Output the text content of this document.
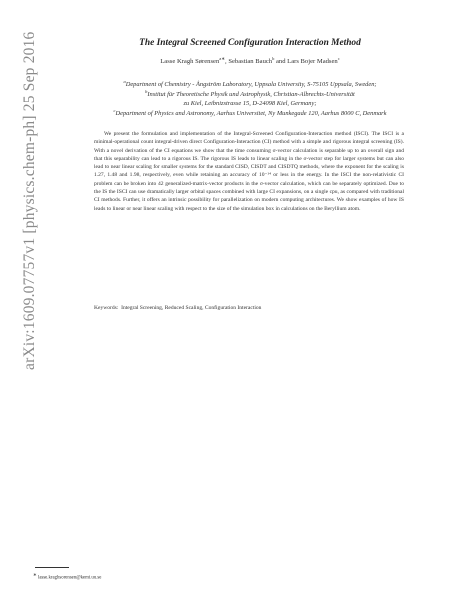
arXiv:1609.07757v1 [physics.chem-ph] 25 Sep 2016	The Integral Screened Configuration Interaction Method
Lasse Kragh Sørensen$^{a∗}$, Sebastian Bauch$^b$ and Lars Bojer Madsen$^c$
$^a$Department of Chemistry - Ångström Laboratory, Uppsala University, S-75105 Uppsala, Sweden;
$^b$Institut für Theoretische Physik und Astrophysik, Christian-Albrechts-Universität
zu Kiel, Leibnizstrasse 15, D-24098 Kiel, Germany;
$^c$Department of Physics and Astronomy, Aarhus Universitet, Ny Munkegade 120, Aarhus 8000 C, Denmark

We present the formulation and implementation of the Integral-Screened Configuration-Interaction method (ISCI). The ISCI is a minimal-operational count integral-driven direct Configuration-Interaction (CI) method with a simple and rigorous integral screening (IS). With a novel derivation of the CI equations we show that the time consuming σ-vector calculation is separable up to an overall sign and that this separability can lead to a rigorous IS. The rigorous IS leads to linear scaling in the σ-vector step for larger systems but can also lead to near linear scaling for smaller systems for the standard CISD, CISDT and CISDTQ methods, where the exponent for the scaling is 1.27, 1.48 and 1.98, respectively, even while retaining an accuracy of 10⁻¹⁴ or less in the energy. In the ISCI the non-relativistic CI problem can be broken into 42 generalized-matrix-vector products in the σ-vector calculation, which can be separately optimized. Due to the IS the ISCI can use dramatically larger orbital spaces combined with large CI expansions, on a single cpu, as compared with traditional CI methods. Further, it offers an intrinsic possibility for parallelization on modern computing architectures. We show examples of how IS leads to linear or near linear scaling with respect to the size of the simulation box in calculations on the Beryllium atom.

Keywords: Integral Screening, Reduced Scaling, Configuration Interaction
∗ lasse.kraghsorensen@kemi.uu.se
